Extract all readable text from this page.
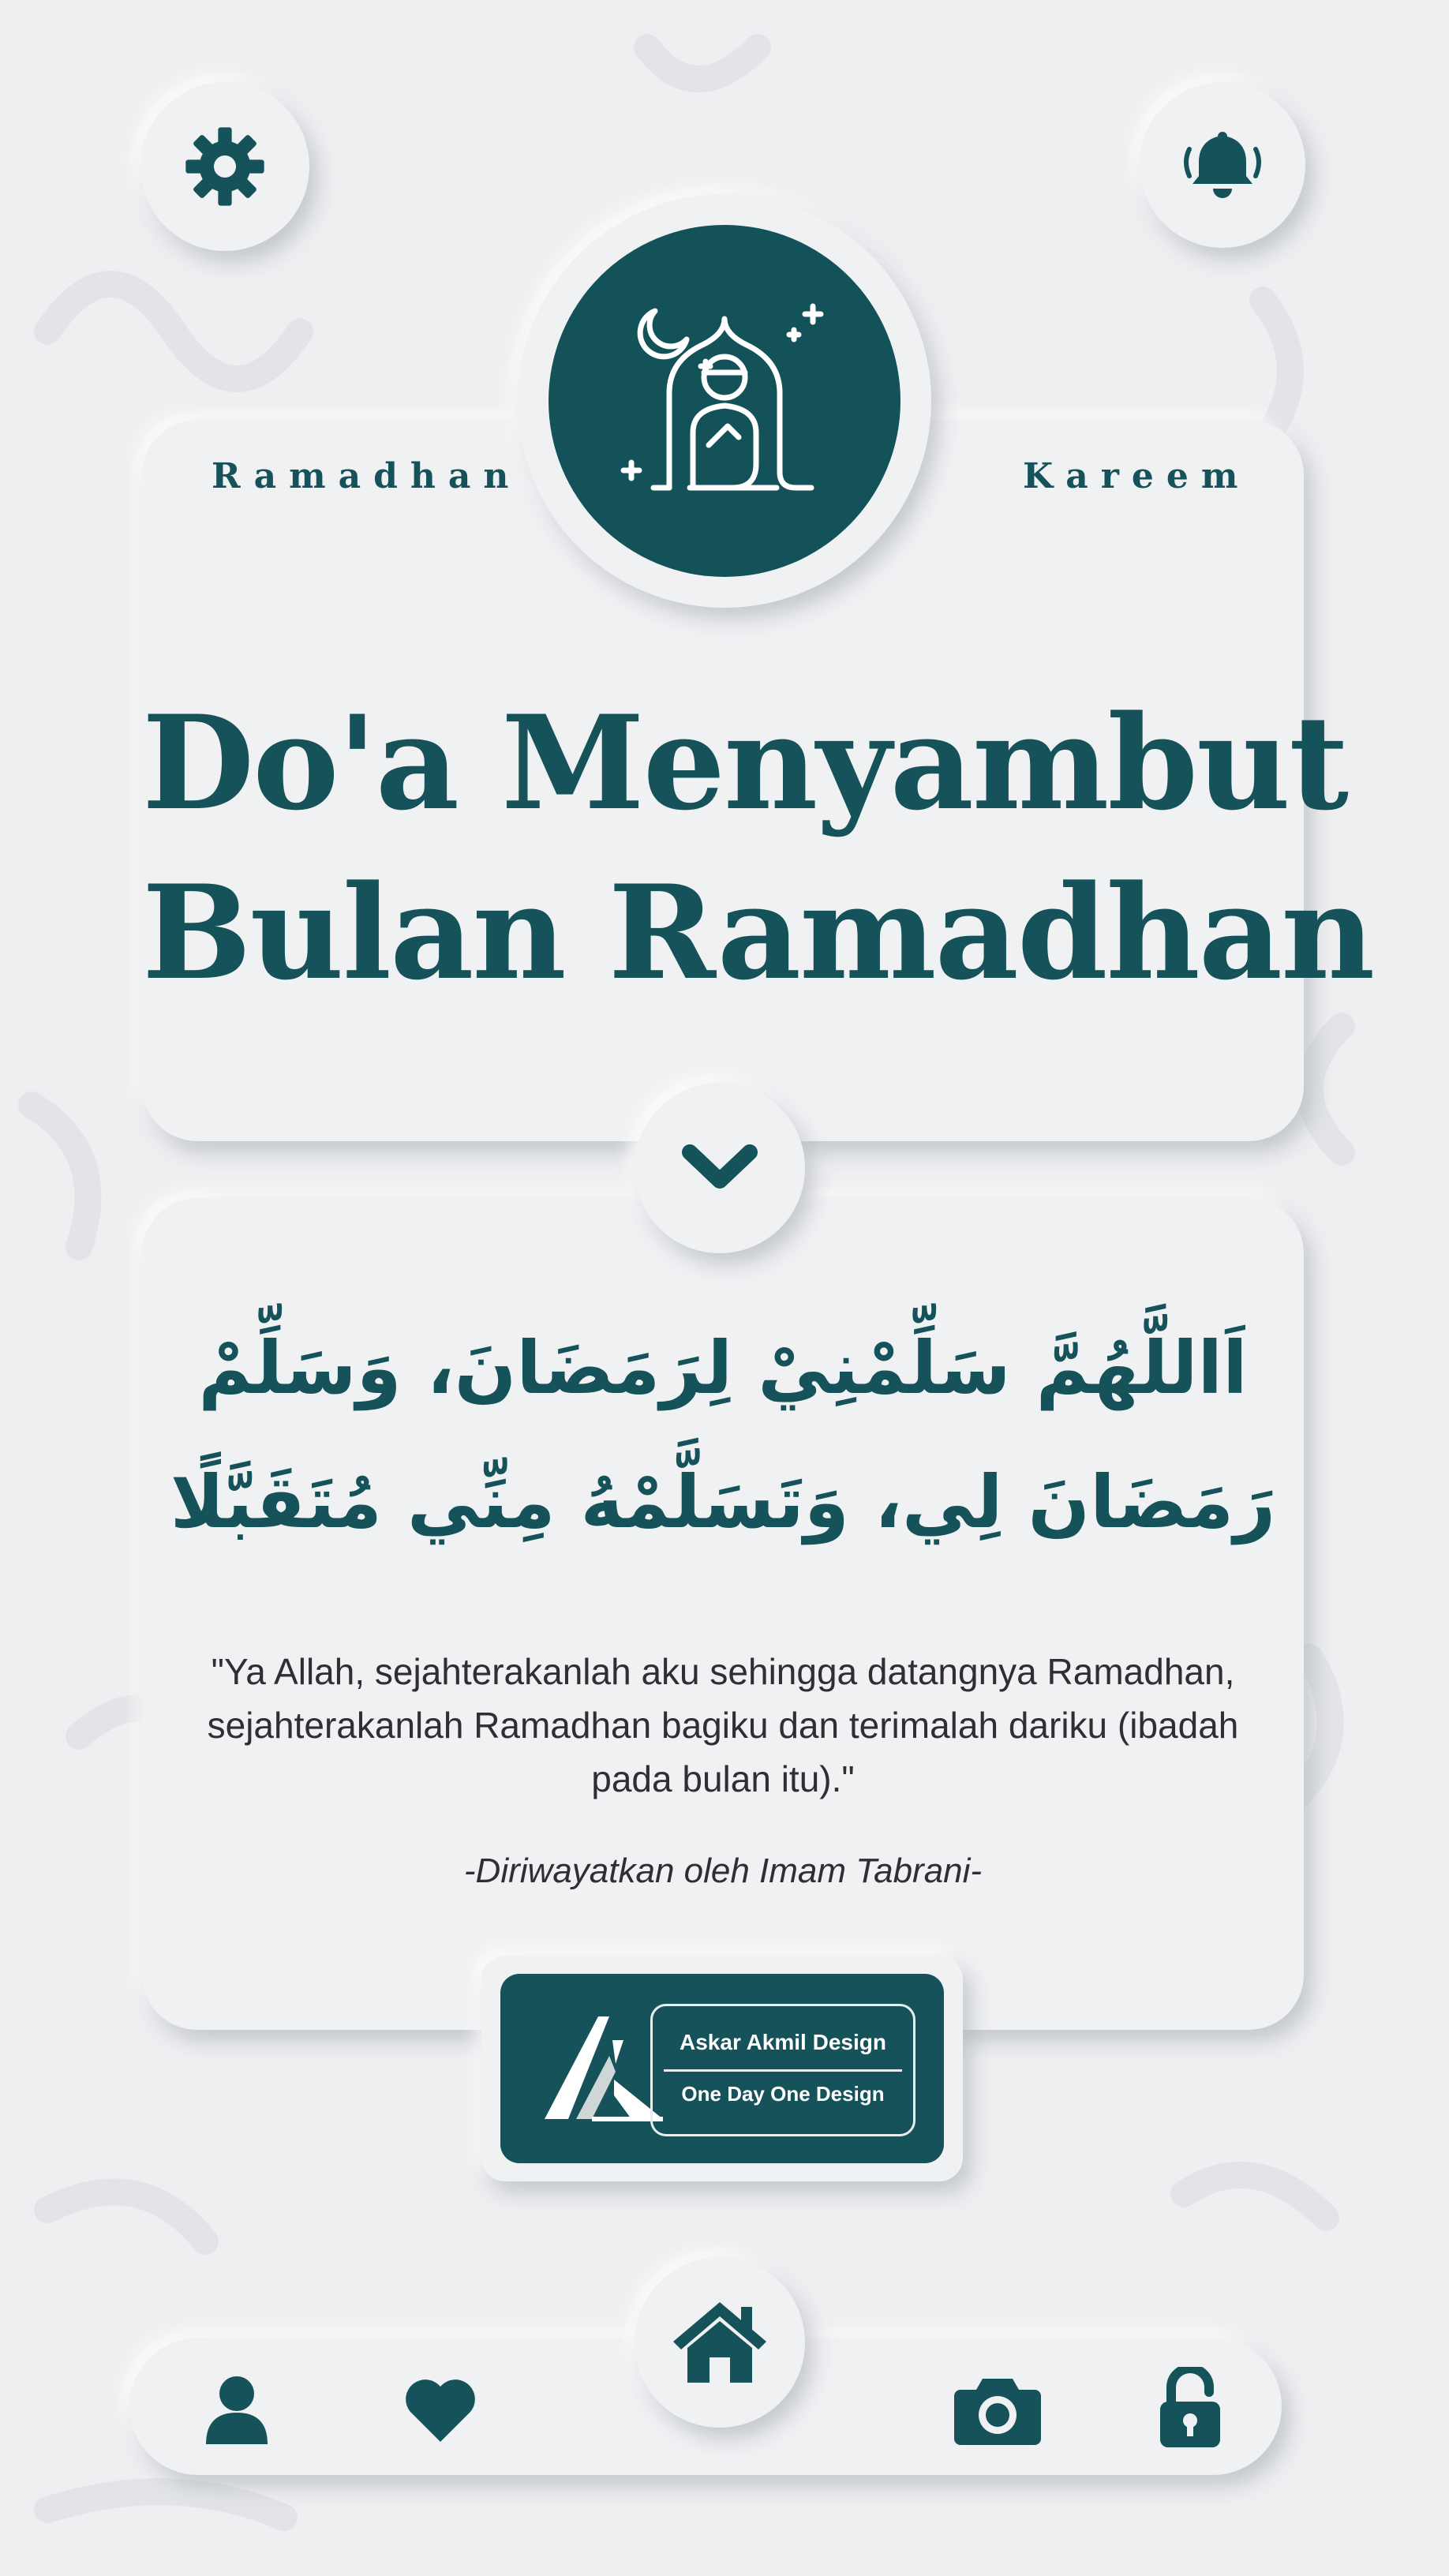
Ramadhan	Kareem
Do'a Menyambut
Bulan Ramadhan
اَاللَّهُمَّ سَلِّمْنِيْ لِرَمَضَانَ، وَسَلِّمْ
رَمَضَانَ لِي، وَتَسَلَّمْهُ مِنِّي مُتَقَبَّلًا
"Ya Allah, sejahterakanlah aku sehingga datangnya Ramadhan, sejahterakanlah Ramadhan bagiku dan terimalah dariku (ibadah pada bulan itu)."
-Diriwayatkan oleh Imam Tabrani-
Askar Akmil Design
One Day One Design
